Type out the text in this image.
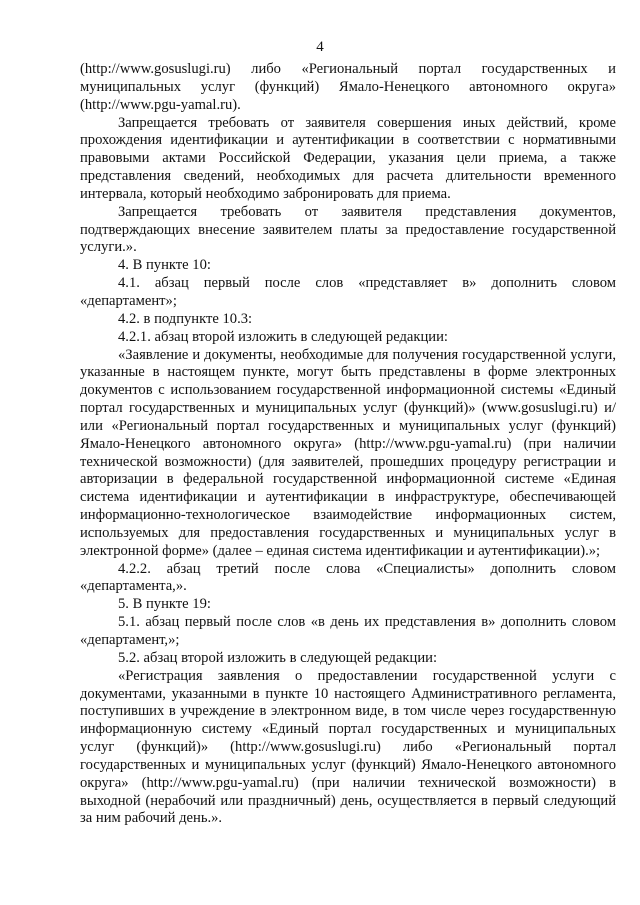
4

(http://www.gosuslugi.ru) либо «Региональный портал государственных и муниципальных услуг (функций) Ямало-Ненецкого автономного округа» (http://www.pgu-yamal.ru).

Запрещается требовать от заявителя совершения иных действий, кроме прохождения идентификации и аутентификации в соответствии с нормативными правовыми актами Российской Федерации, указания цели приема, а также представления сведений, необходимых для расчета длительности временного интервала, который необходимо забронировать для приема.

Запрещается требовать от заявителя представления документов, подтверждающих внесение заявителем платы за предоставление государственной услуги.».

4. В пункте 10:

4.1. абзац первый после слов «представляет в» дополнить словом «департамент»;

4.2. в подпункте 10.3:

4.2.1. абзац второй изложить в следующей редакции:

«Заявление и документы, необходимые для получения государственной услуги, указанные в настоящем пункте, могут быть представлены в форме электронных документов с использованием государственной информационной системы «Единый портал государственных и муниципальных услуг (функций)» (www.gosuslugi.ru) и/или «Региональный портал государственных и муниципальных услуг (функций) Ямало-Ненецкого автономного округа» (http://www.pgu-yamal.ru) (при наличии технической возможности) (для заявителей, прошедших процедуру регистрации и авторизации в федеральной государственной информационной системе «Единая система идентификации и аутентификации в инфраструктуре, обеспечивающей информационно-технологическое взаимодействие информационных систем, используемых для предоставления государственных и муниципальных услуг в электронной форме» (далее – единая система идентификации и аутентификации).»;

4.2.2. абзац третий после слова «Специалисты» дополнить словом «департамента,».

5. В пункте 19:

5.1. абзац первый после слов «в день их представления в» дополнить словом «департамент,»;

5.2. абзац второй изложить в следующей редакции:

«Регистрация заявления о предоставлении государственной услуги с документами, указанными в пункте 10 настоящего Административного регламента, поступивших в учреждение в электронном виде, в том числе через государственную информационную систему «Единый портал государственных и муниципальных услуг (функций)» (http://www.gosuslugi.ru) либо «Региональный портал государственных и муниципальных услуг (функций) Ямало-Ненецкого автономного округа» (http://www.pgu-yamal.ru) (при наличии технической возможности) в выходной (нерабочий или праздничный) день, осуществляется в первый следующий за ним рабочий день.».
